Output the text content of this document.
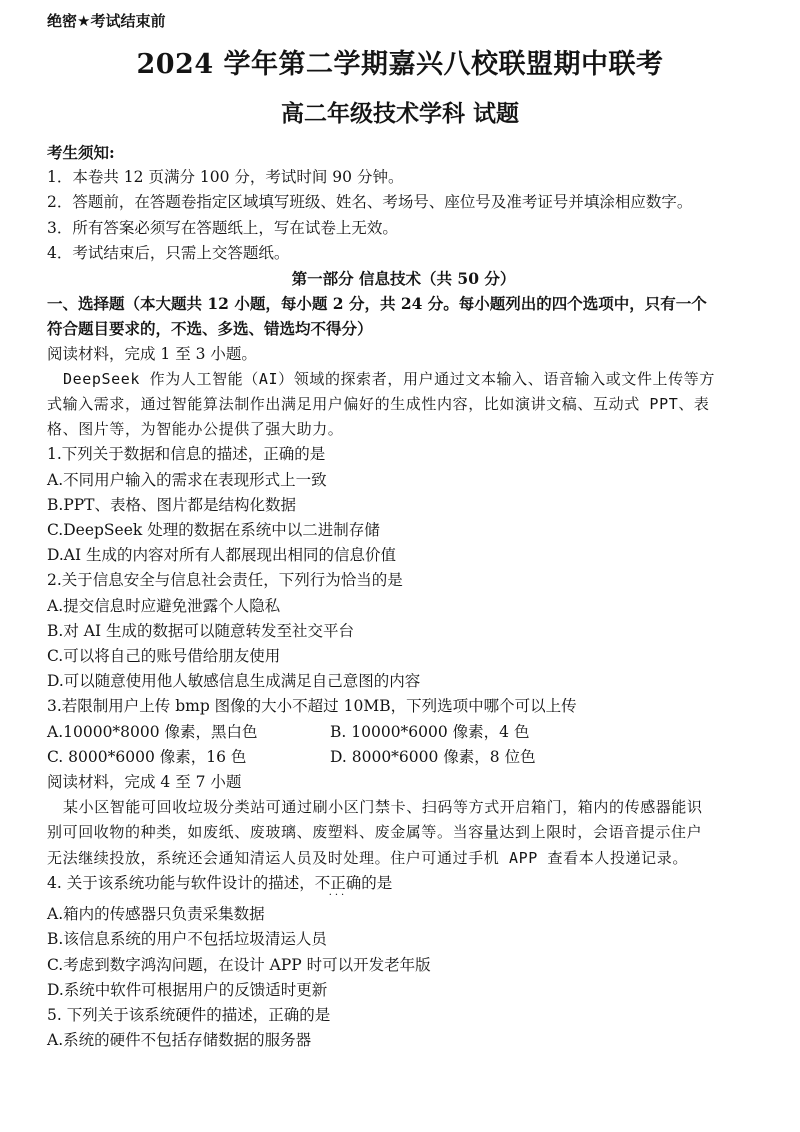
绝密★考试结束前
2024 学年第二学期嘉兴八校联盟期中联考
高二年级技术学科 试题
考生须知:
1．本卷共 12 页满分 100 分，考试时间 90 分钟。
2．答题前，在答题卷指定区域填写班级、姓名、考场号、座位号及准考证号并填涂相应数字。
3．所有答案必须写在答题纸上，写在试卷上无效。
4．考试结束后，只需上交答题纸。
第一部分 信息技术（共 50 分）
一、选择题（本大题共 12 小题，每小题 2 分，共 24 分。每小题列出的四个选项中，只有一个
符合题目要求的，不选、多选、错选均不得分）
阅读材料，完成 1 至 3 小题。
DeepSeek 作为人工智能（AI）领域的探索者，用户通过文本输入、语音输入或文件上传等方
式输入需求，通过智能算法制作出满足用户偏好的生成性内容，比如演讲文稿、互动式 PPT、表
格、图片等，为智能办公提供了强大助力。
1.下列关于数据和信息的描述，正确的是
A.不同用户输入的需求在表现形式上一致
B.PPT、表格、图片都是结构化数据
C.DeepSeek 处理的数据在系统中以二进制存储
D.AI 生成的内容对所有人都展现出相同的信息价值
2.关于信息安全与信息社会责任，下列行为恰当的是
A.提交信息时应避免泄露个人隐私
B.对 AI 生成的数据可以随意转发至社交平台
C.可以将自己的账号借给朋友使用
D.可以随意使用他人敏感信息生成满足自己意图的内容
3.若限制用户上传 bmp 图像的大小不超过 10MB，下列选项中哪个可以上传
A.10000*8000 像素，黑白色	B. 10000*6000 像素，4 色
C. 8000*6000 像素，16 色	D. 8000*6000 像素，8 位色
阅读材料，完成 4 至 7 小题
某小区智能可回收垃圾分类站可通过刷小区门禁卡、扫码等方式开启箱门，箱内的传感器能识
别可回收物的种类，如废纸、废玻璃、废塑料、废金属等。当容量达到上限时，会语音提示住户
无法继续投放，系统还会通知清运人员及时处理。住户可通过手机 APP 查看本人投递记录。
4. 关于该系统功能与软件设计的描述，不正确
···
的是
A.箱内的传感器只负责采集数据
B.该信息系统的用户不包括垃圾清运人员
C.考虑到数字鸿沟问题，在设计 APP 时可以开发老年版
D.系统中软件可根据用户的反馈适时更新
5. 下列关于该系统硬件的描述，正确的是
A.系统的硬件不包括存储数据的服务器
